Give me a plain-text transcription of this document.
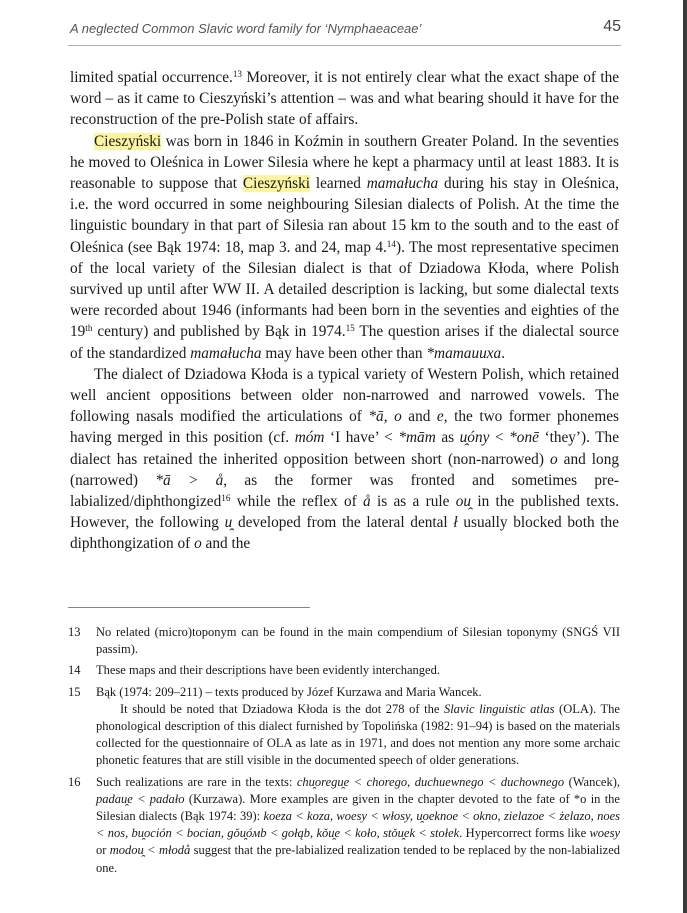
A neglected Common Slavic word family for ‘Nymphaeaceae’	45

limited spatial occurrence.$^{13}$ Moreover, it is not entirely clear what the exact shape of the word – as it came to Cieszyński’s attention – was and what bearing should it have for the reconstruction of the pre-Polish state of affairs.

Cieszyński was born in 1846 in Koźmin in southern Greater Poland. In the seventies he moved to Oleśnica in Lower Silesia where he kept a pharmacy until at least 1883. It is reasonable to suppose that Cieszyński learned mamałucha during his stay in Oleśnica, i.e. the word occurred in some neighbouring Silesian dialects of Polish. At the time the linguistic boundary in that part of Silesia ran about 15 km to the south and to the east of Oleśnica (see Bąk 1974: 18, map 3. and 24, map 4.14). The most representative specimen of the local variety of the Silesian dialect is that of Dziadowa Kłoda, where Polish survived up until after WW II. A detailed description is lacking, but some dialectal texts were recorded about 1946 (informants had been born in the seventies and eighties of the 19th century) and published by Bąk in 1974.15 The question arises if the dialectal source of the standardized mamałucha may have been other than *mamauuxa.

The dialect of Dziadowa Kłoda is a typical variety of Western Polish, which retained well ancient oppositions between older non-narrowed and narrowed vowels. The following nasals modified the articulations of *ā, o and e, the two former phonemes having merged in this position (cf. móm ‘I have’ < *mām as u̯óny < *onē ‘they’). The dialect has retained the inherited opposition between short (non-narrowed) o and long (narrowed) *ā > å, as the former was fronted and sometimes pre-labialized/diphthongized$^{16}$ while the reflex of å is as a rule ou̯ in the published texts. However, the following u̯ developed from the lateral dental ł usually blocked both the diphthongization of o and the

13 No related (micro)toponym can be found in the main compendium of Silesian toponymy (SNGŚ VII passim).

14 These maps and their descriptions have been evidently interchanged.

15 Bąk (1974: 209–211) – texts produced by Józef Kurzawa and Maria Wancek.

It should be noted that Dziadowa Kłoda is the dot 278 of the Slavic linguistic atlas (OLA). The phonological description of this dialect furnished by Topolińska (1982: 91–94) is based on the materials collected for the questionnaire of OLA as late as in 1971, and does not mention any more some archaic phonetic features that are still visible in the documented speech of older generations.

16 Such realizations are rare in the texts: chu̯oregu̯e < chorego, duchuewnego < duchownego (Wancek), padau̯e < padało (Kurzawa). More examples are given in the chapter devoted to the fate of *o in the Silesian dialects (Bąk 1974: 39): koeza < koza, woesy < włosy, u̯oeknoe < okno, zielazoe < żelazo, noes < nos, bu̯oción < bocian, gǒu̯óмb < gołąb, kǒu̯e < koło, stǒu̯ek < stołek. Hypercorrect forms like woesy or modou̯ < młodå suggest that the pre-labialized realization tended to be replaced by the non-labialized one.
